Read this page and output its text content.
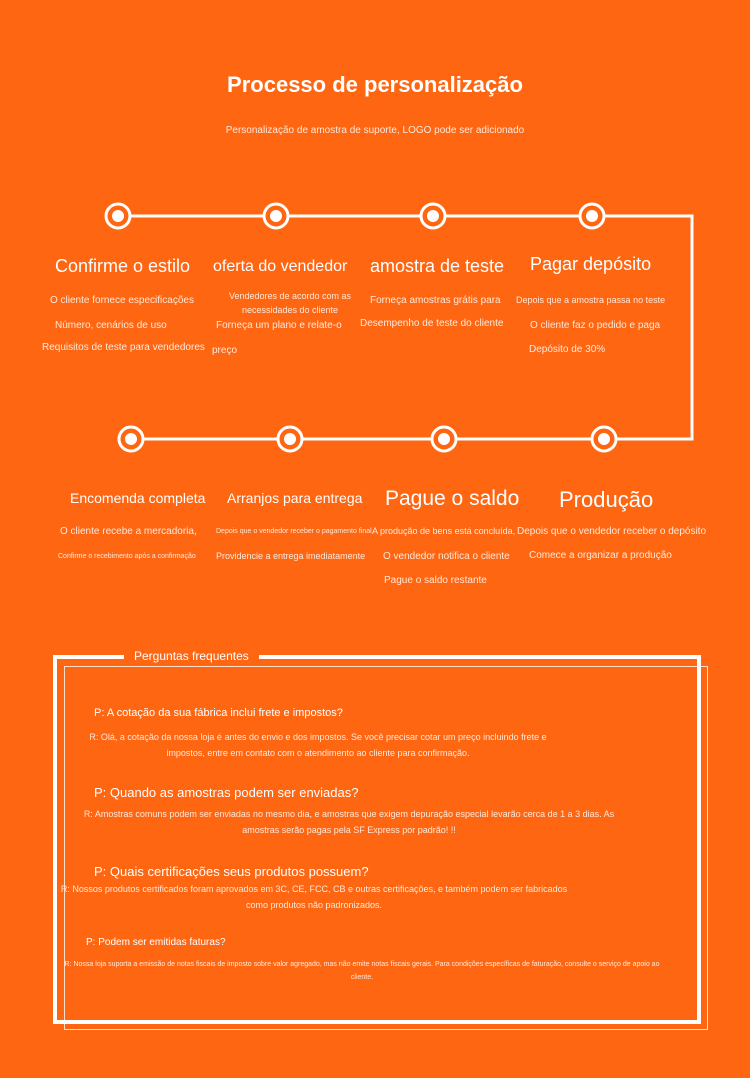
Processo de personalização
Personalização de amostra de suporte, LOGO pode ser adicionado
Confirme o estilo
O cliente fornece especificações
Número, cenários de uso
Requisitos de teste para vendedores
oferta do vendedor
Vendedores de acordo com as necessidades do cliente
Forneça um plano e relate-o
preço
amostra de teste
Forneça amostras grátis para
Desempenho de teste do cliente
Pagar depósito
Depois que a amostra passa no teste
O cliente faz o pedido e paga
Depósito de 30%
Encomenda completa
O cliente recebe a mercadoria,
Confirme o recebimento após a confirmação
Arranjos para entrega
Depois que o vendedor receber o pagamento final
Providencie a entrega imediatamente
Pague o saldo
A produção de bens está concluída,
O vendedor notifica o cliente
Pague o saldo restante
Produção
Depois que o vendedor receber o depósito
Comece a organizar a produção
Perguntas frequentes
P: A cotação da sua fábrica inclui frete e impostos?
R: Olá, a cotação da nossa loja é antes do envio e dos impostos. Se você precisar cotar um preço incluindo frete e impostos, entre em contato com o atendimento ao cliente para confirmação.
P: Quando as amostras podem ser enviadas?
R: Amostras comuns podem ser enviadas no mesmo dia, e amostras que exigem depuração especial levarão cerca de 1 a 3 dias. As amostras serão pagas pela SF Express por padrão! !!
P: Quais certificações seus produtos possuem?
R: Nossos produtos certificados foram aprovados em 3C, CE, FCC, CB e outras certificações, e também podem ser fabricados como produtos não padronizados.
P: Podem ser emitidas faturas?
R: Nossa loja suporta a emissão de notas fiscais de imposto sobre valor agregado, mas não emite notas fiscais gerais. Para condições específicas de faturação, consulte o serviço de apoio ao cliente.
